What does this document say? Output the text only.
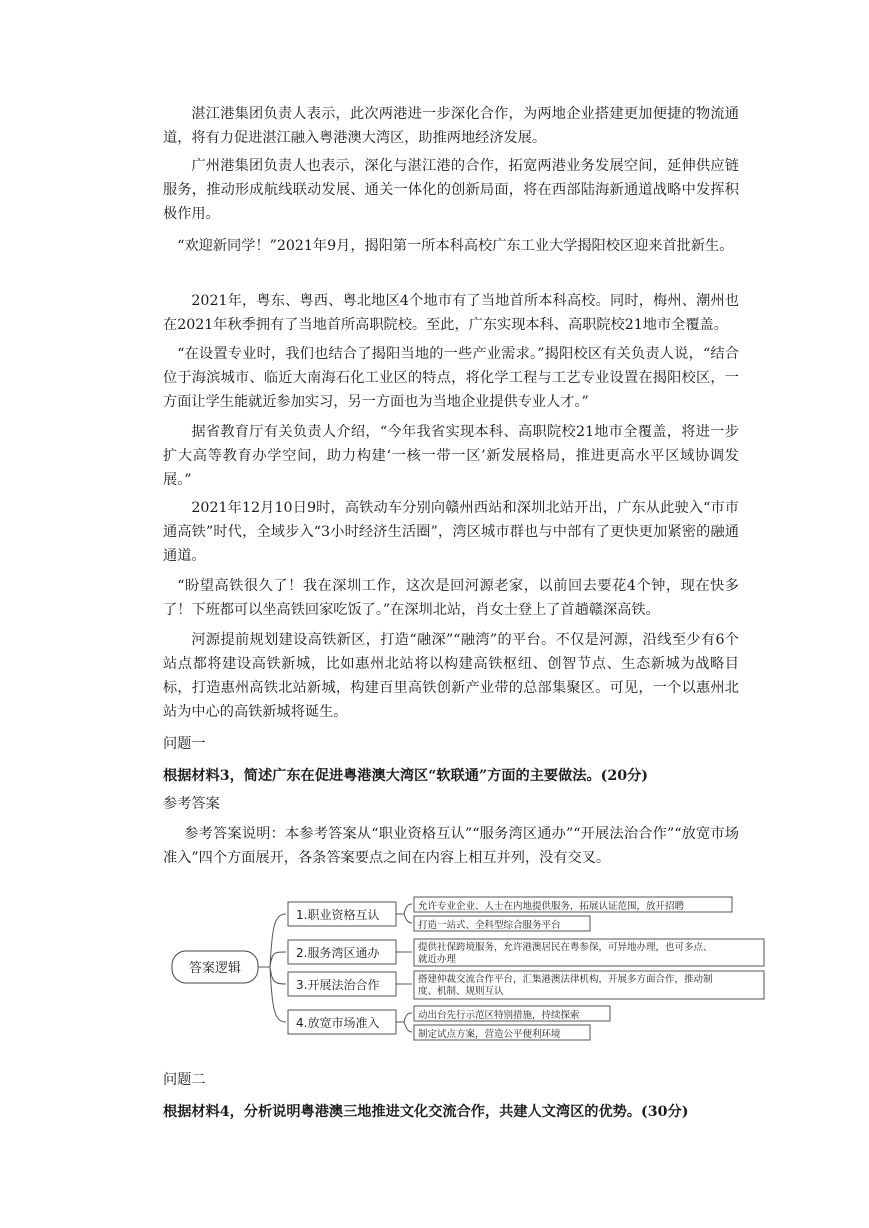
湛江港集团负责人表示，此次两港进一步深化合作，为两地企业搭建更加便捷的物流通道，将有力促进湛江融入粤港澳大湾区，助推两地经济发展。

广州港集团负责人也表示，深化与湛江港的合作，拓宽两港业务发展空间，延伸供应链服务，推动形成航线联动发展、通关一体化的创新局面，将在西部陆海新通道战略中发挥积极作用。

“欢迎新同学！”2021年9月，揭阳第一所本科高校广东工业大学揭阳校区迎来首批新生。

2021年，粤东、粤西、粤北地区4个地市有了当地首所本科高校。同时，梅州、潮州也在2021年秋季拥有了当地首所高职院校。至此，广东实现本科、高职院校21地市全覆盖。

“在设置专业时，我们也结合了揭阳当地的一些产业需求。”揭阳校区有关负责人说，“结合位于海滨城市、临近大南海石化工业区的特点，将化学工程与工艺专业设置在揭阳校区，一方面让学生能就近参加实习，另一方面也为当地企业提供专业人才。”

据省教育厅有关负责人介绍，“今年我省实现本科、高职院校21地市全覆盖，将进一步扩大高等教育办学空间，助力构建‘一核一带一区’新发展格局，推进更高水平区域协调发展。”

2021年12月10日9时，高铁动车分别向赣州西站和深圳北站开出，广东从此驶入“市市通高铁”时代，全域步入“3小时经济生活圈”，湾区城市群也与中部有了更快更加紧密的融通通道。

“盼望高铁很久了！我在深圳工作，这次是回河源老家，以前回去要花4个钟，现在快多了！下班都可以坐高铁回家吃饭了。”在深圳北站，肖女士登上了首趟赣深高铁。

河源提前规划建设高铁新区，打造“融深”“融湾”的平台。不仅是河源，沿线至少有6个站点都将建设高铁新城，比如惠州北站将以构建高铁枢纽、创智节点、生态新城为战略目标，打造惠州高铁北站新城，构建百里高铁创新产业带的总部集聚区。可见，一个以惠州北站为中心的高铁新城将诞生。

问题一

根据材料3，简述广东在促进粤港澳大湾区“软联通”方面的主要做法。(20分)

参考答案

参考答案说明：本参考答案从“职业资格互认”“服务湾区通办”“开展法治合作”“放宽市场准入”四个方面展开，各条答案要点之间在内容上相互并列，没有交叉。

答案逻辑
1.职业资格互认
允许专业企业、人士在内地提供服务，拓展认证范围，放开招聘
打造一站式、全科型综合服务平台
2.服务湾区通办	提供社保跨境服务，允许港澳居民在粤参保，可异地办理，也可多点、
就近办理
3.开展法治合作	搭建仲裁交流合作平台，汇集港澳法律机构，开展多方面合作，推动制
度、机制、规则互认
4.放宽市场准入
动出台先行示范区特别措施，持续探索
制定试点方案，营造公平便利环境

问题二

根据材料4，分析说明粤港澳三地推进文化交流合作，共建人文湾区的优势。(30分)
